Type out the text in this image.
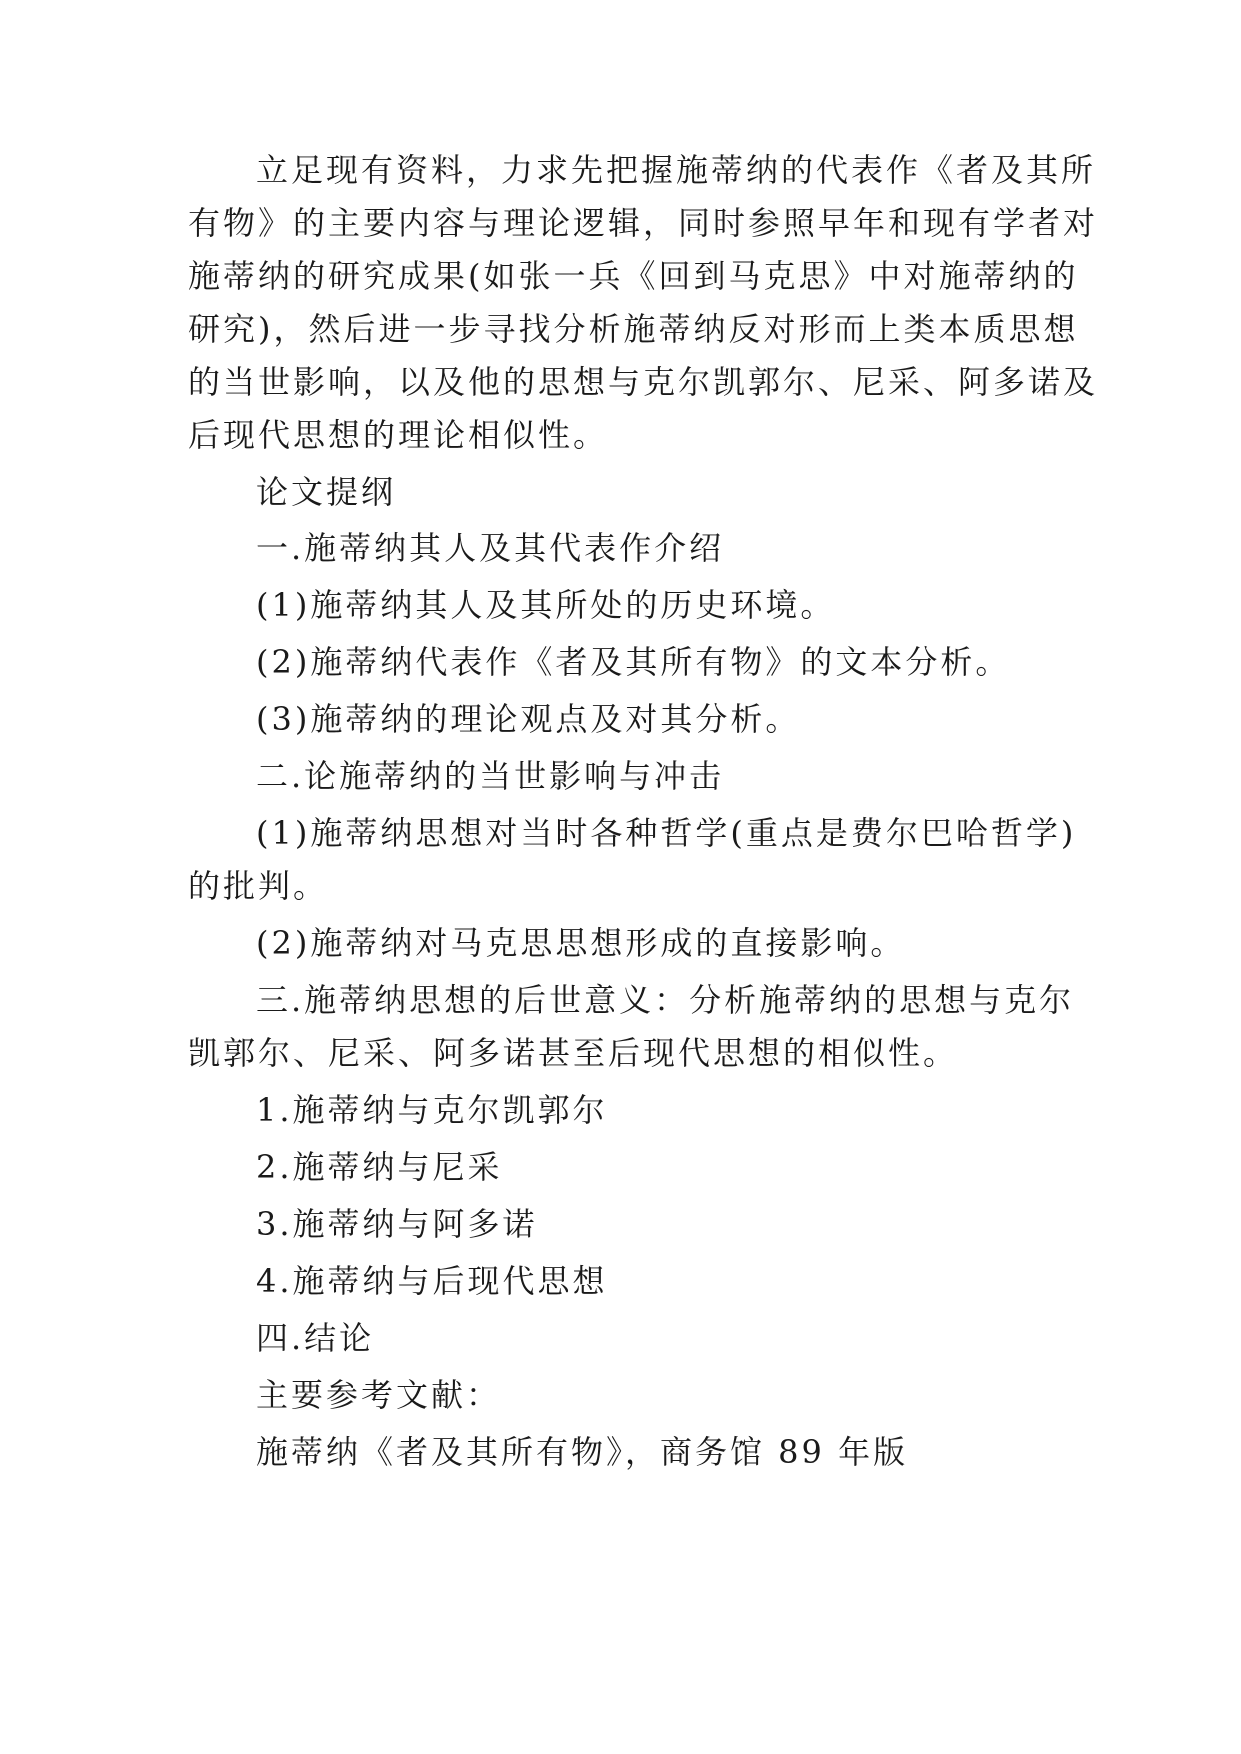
立足现有资料，力求先把握施蒂纳的代表作《者及其所

有物》的主要内容与理论逻辑，同时参照早年和现有学者对

施蒂纳的研究成果(如张一兵《回到马克思》中对施蒂纳的

研究)，然后进一步寻找分析施蒂纳反对形而上类本质思想

的当世影响，以及他的思想与克尔凯郭尔、尼采、阿多诺及

后现代思想的理论相似性。

论文提纲

一.施蒂纳其人及其代表作介绍

(1)施蒂纳其人及其所处的历史环境。

(2)施蒂纳代表作《者及其所有物》的文本分析。

(3)施蒂纳的理论观点及对其分析。

二.论施蒂纳的当世影响与冲击

(1)施蒂纳思想对当时各种哲学(重点是费尔巴哈哲学)

的批判。

(2)施蒂纳对马克思思想形成的直接影响。

三.施蒂纳思想的后世意义：分析施蒂纳的思想与克尔

凯郭尔、尼采、阿多诺甚至后现代思想的相似性。

1.施蒂纳与克尔凯郭尔

2.施蒂纳与尼采

3.施蒂纳与阿多诺

4.施蒂纳与后现代思想

四.结论

主要参考文献：

施蒂纳《者及其所有物》，商务馆 89 年版
